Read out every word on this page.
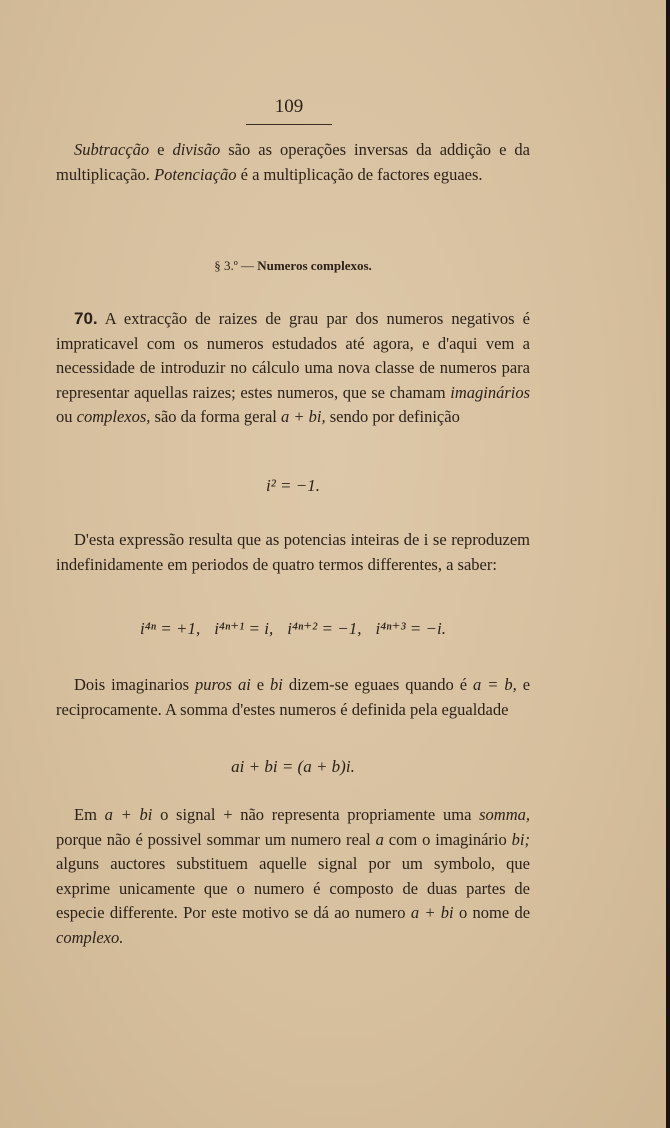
109

Subtracção e divisão são as operações inversas da addição e da multiplicação. Potenciação é a multiplicação de factores eguaes.

§ 3.º — Numeros complexos.

70. A extracção de raizes de grau par dos numeros negativos é impraticavel com os numeros estudados até agora, e d'aqui vem a necessidade de introduzir no cálculo uma nova classe de numeros para representar aquellas raizes; estes numeros, que se chamam imaginários ou complexos, são da forma geral a + bi, sendo por definição

i² = −1.

D'esta expressão resulta que as potencias inteiras de i se reproduzem indefinidamente em periodos de quatro termos differentes, a saber:

i⁴ⁿ = +1, i⁴ⁿ⁺¹ = i, i⁴ⁿ⁺² = −1, i⁴ⁿ⁺³ = −i.

Dois imaginarios puros ai e bi dizem-se eguaes quando é a = b, e reciprocamente. A somma d'estes numeros é definida pela egualdade

ai + bi = (a + b)i.

Em a + bi o signal + não representa propriamente uma somma, porque não é possivel sommar um numero real a com o imaginário bi; alguns auctores substituem aquelle signal por um symbolo, que exprime unicamente que o numero é composto de duas partes de especie differente. Por este motivo se dá ao numero a + bi o nome de complexo.
